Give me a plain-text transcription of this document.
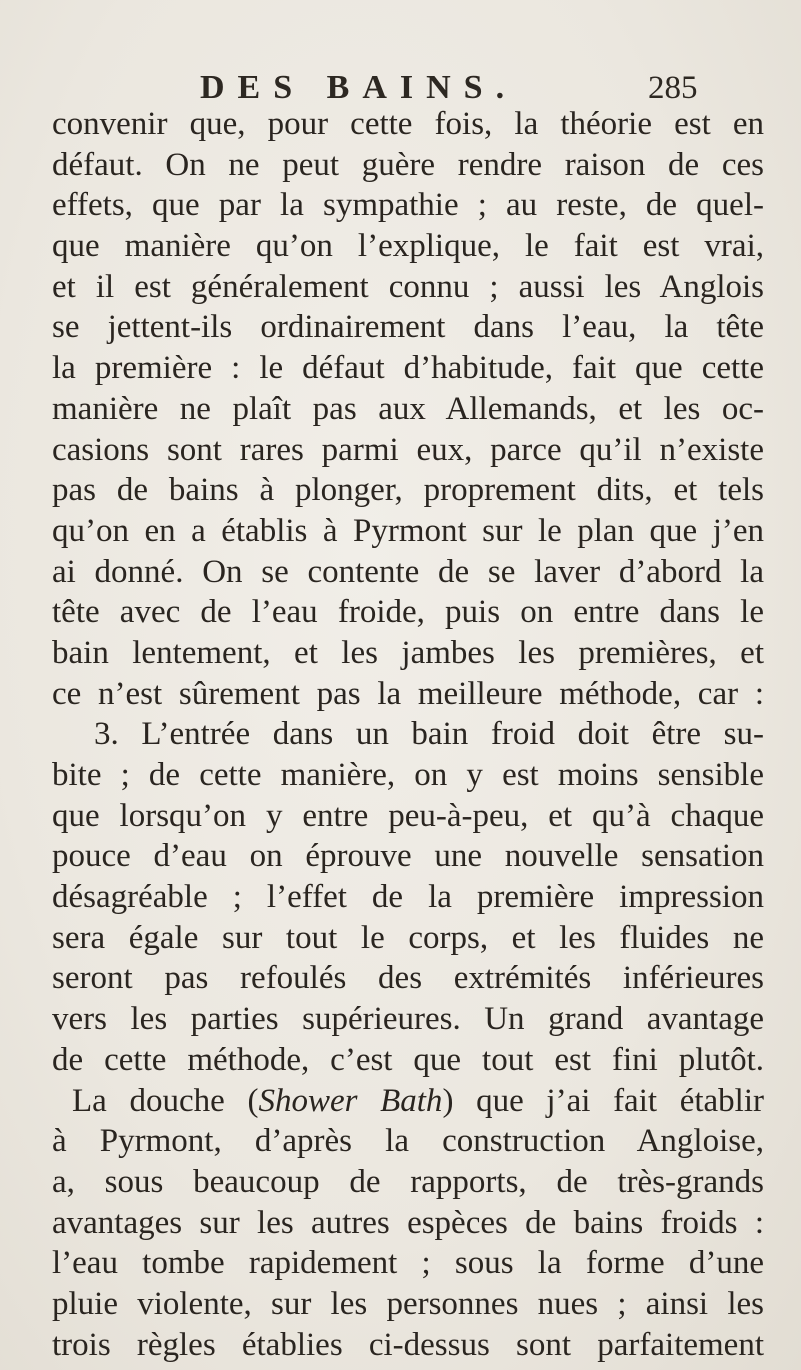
DES BAINS.	285
convenir que, pour cette fois, la théorie est en
défaut. On ne peut guère rendre raison de ces
effets, que par la sympathie ; au reste, de quel-
que manière qu’on l’explique, le fait est vrai,
et il est généralement connu ; aussi les Anglois
se jettent-ils ordinairement dans l’eau, la tête
la première : le défaut d’habitude, fait que cette
manière ne plaît pas aux Allemands, et les oc-
casions sont rares parmi eux, parce qu’il n’existe
pas de bains à plonger, proprement dits, et tels
qu’on en a établis à Pyrmont sur le plan que j’en
ai donné. On se contente de se laver d’abord la
tête avec de l’eau froide, puis on entre dans le
bain lentement, et les jambes les premières, et
ce n’est sûrement pas la meilleure méthode, car :
3. L’entrée dans un bain froid doit être su-
bite ; de cette manière, on y est moins sensible
que lorsqu’on y entre peu-à-peu, et qu’à chaque
pouce d’eau on éprouve une nouvelle sensation
désagréable ; l’effet de la première impression
sera égale sur tout le corps, et les fluides ne
seront pas refoulés des extrémités inférieures
vers les parties supérieures. Un grand avantage
de cette méthode, c’est que tout est fini plutôt.
La douche (Shower Bath) que j’ai fait établir
à Pyrmont, d’après la construction Angloise,
a, sous beaucoup de rapports, de très-grands
avantages sur les autres espèces de bains froids :
l’eau tombe rapidement ; sous la forme d’une
pluie violente, sur les personnes nues ; ainsi les
trois règles établies ci-dessus sont parfaitement
